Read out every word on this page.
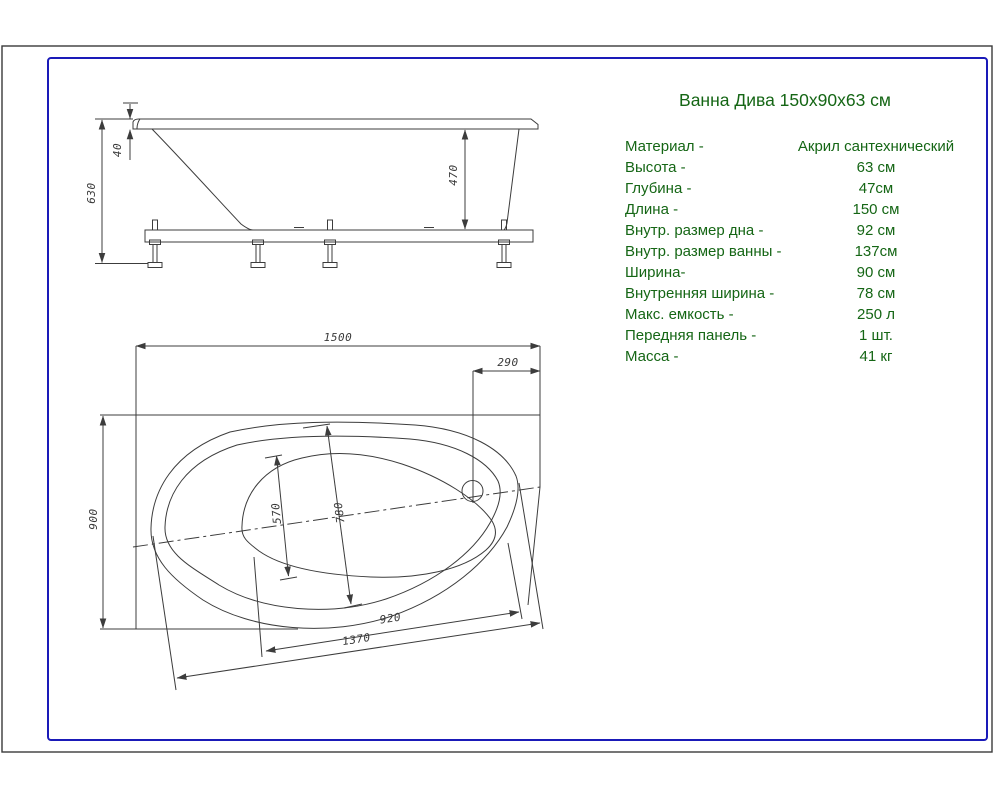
630
40
470
1500
290
900	570	780
920
1370
Ванна Дива 150x90x63 см
Материал -	Акрил сантехнический
Высота -	63 см
Глубина -	47см
Длина -	150 см
Внутр. размер дна -	92 см
Внутр. размер ванны -	137см
Ширина-	90 см
Внутренняя ширина -	78 см
Макс. емкость -	250 л
Передняя панель -	1 шт.
Масса -	41 кг
